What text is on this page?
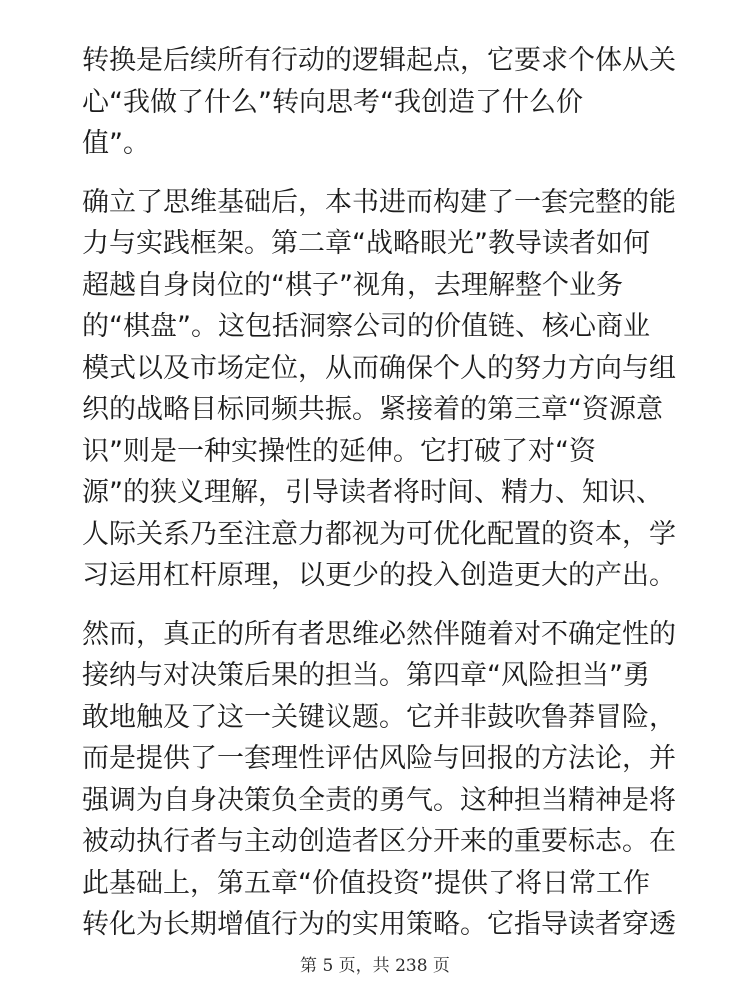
转换是后续所有行动的逻辑起点，它要求个体从关
心“我做了什么”转向思考“我创造了什么价
值”。

确立了思维基础后，本书进而构建了一套完整的能
力与实践框架。第二章“战略眼光”教导读者如何
超越自身岗位的“棋子”视角，去理解整个业务
的“棋盘”。这包括洞察公司的价值链、核心商业
模式以及市场定位，从而确保个人的努力方向与组
织的战略目标同频共振。紧接着的第三章“资源意
识”则是一种实操性的延伸。它打破了对“资
源”的狭义理解，引导读者将时间、精力、知识、
人际关系乃至注意力都视为可优化配置的资本，学
习运用杠杆原理，以更少的投入创造更大的产出。

然而，真正的所有者思维必然伴随着对不确定性的
接纳与对决策后果的担当。第四章“风险担当”勇
敢地触及了这一关键议题。它并非鼓吹鲁莽冒险，
而是提供了一套理性评估风险与回报的方法论，并
强调为自身决策负全责的勇气。这种担当精神是将
被动执行者与主动创造者区分开来的重要标志。在
此基础上，第五章“价值投资”提供了将日常工作
转化为长期增值行为的实用策略。它指导读者穿透

第 5 页，共 238 页
